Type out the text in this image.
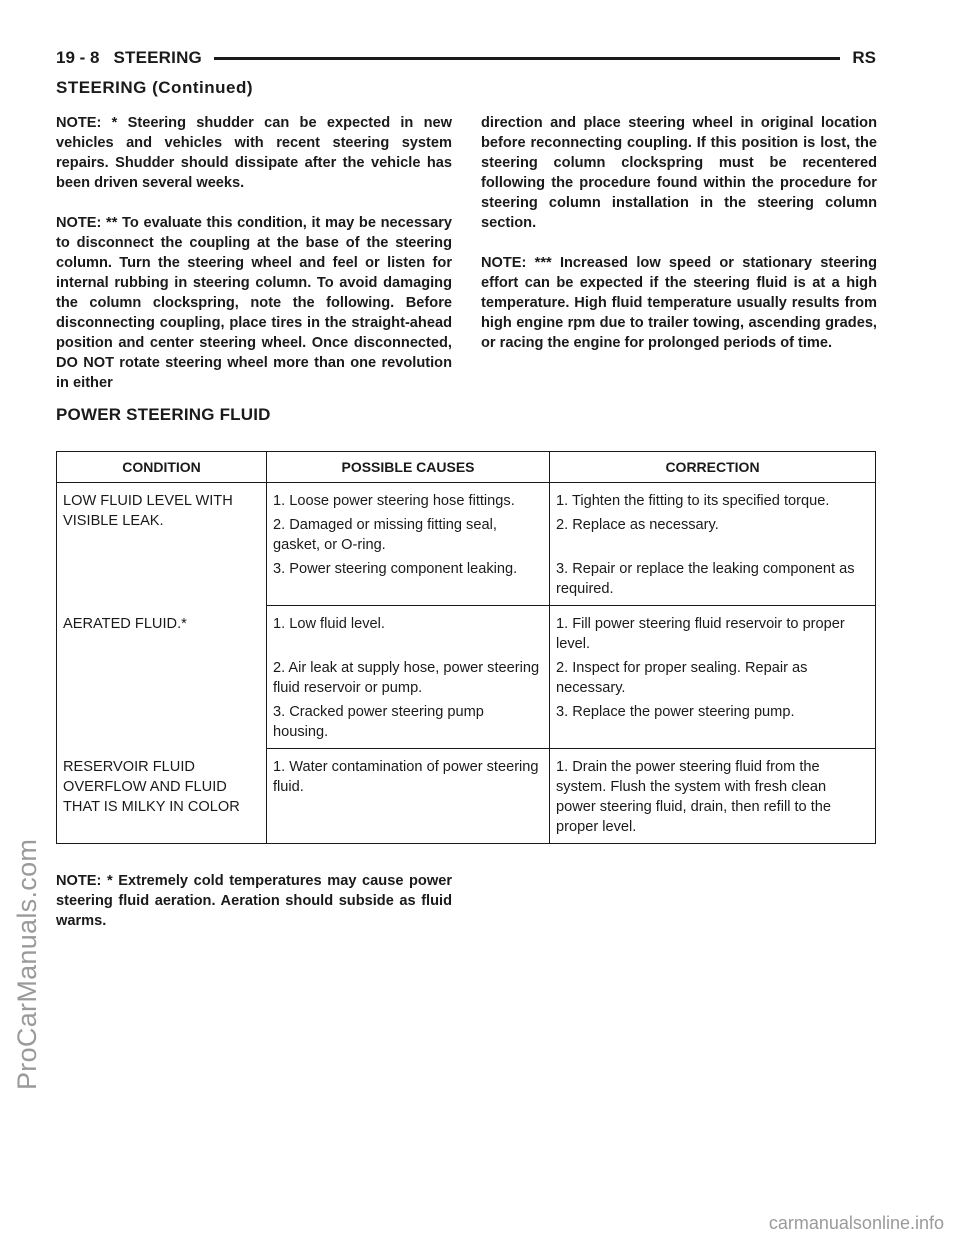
ProCarManuals.com
carmanualsonline.info
19 - 8 STEERING	RS
STEERING (Continued)

NOTE: * Steering shudder can be expected in new vehicles and vehicles with recent steering system repairs. Shudder should dissipate after the vehicle has been driven several weeks.

NOTE: ** To evaluate this condition, it may be necessary to disconnect the coupling at the base of the steering column. Turn the steering wheel and feel or listen for internal rubbing in steering column. To avoid damaging the column clockspring, note the following. Before disconnecting coupling, place tires in the straight-ahead position and center steering wheel. Once disconnected, DO NOT rotate steering wheel more than one revolution in either

direction and place steering wheel in original location before reconnecting coupling. If this position is lost, the steering column clockspring must be recentered following the procedure found within the procedure for steering column installation in the steering column section.

NOTE: *** Increased low speed or stationary steering effort can be expected if the steering fluid is at a high temperature. High fluid temperature usually results from high engine rpm due to trailer towing, ascending grades, or racing the engine for prolonged periods of time.

POWER STEERING FLUID
CONDITION	POSSIBLE CAUSES	CORRECTION
LOW FLUID LEVEL WITH VISIBLE LEAK.	1. Loose power steering hose fittings.	1. Tighten the fitting to its specified torque.
	2. Damaged or missing fitting seal, gasket, or O-ring.	2. Replace as necessary.
	3. Power steering component leaking.	3. Repair or replace the leaking component as required.
AERATED FLUID.*	1. Low fluid level.	1. Fill power steering fluid reservoir to proper level.
	2. Air leak at supply hose, power steering fluid reservoir or pump.	2. Inspect for proper sealing. Repair as necessary.
	3. Cracked power steering pump housing.	3. Replace the power steering pump.
RESERVOIR FLUID OVERFLOW AND FLUID THAT IS MILKY IN COLOR	1. Water contamination of power steering fluid.	1. Drain the power steering fluid from the system. Flush the system with fresh clean power steering fluid, drain, then refill to the proper level.
NOTE: * Extremely cold temperatures may cause power steering fluid aeration. Aeration should subside as fluid warms.
